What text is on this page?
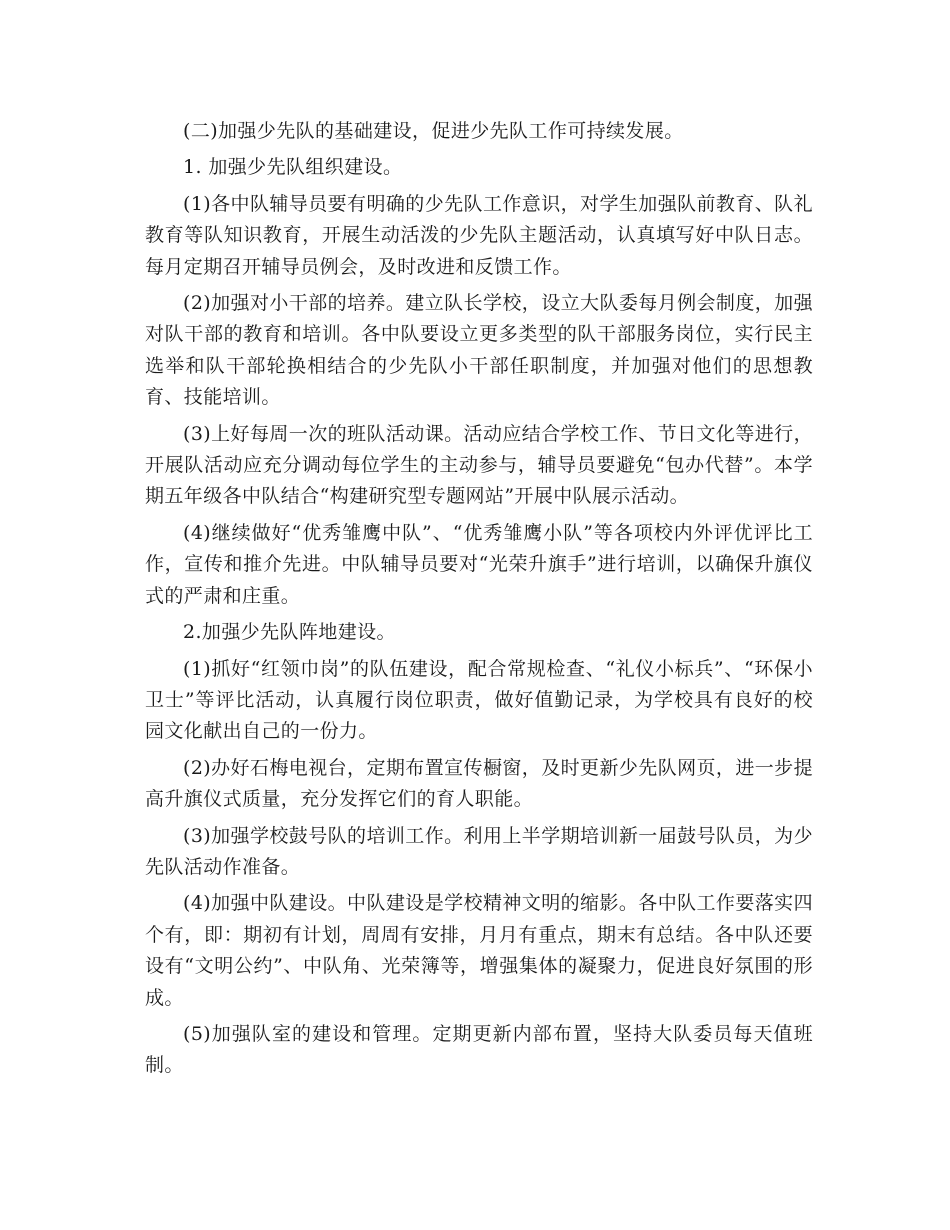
(二)加强少先队的基础建设，促进少先队工作可持续发展。

1. 加强少先队组织建设。

(1)各中队辅导员要有明确的少先队工作意识，对学生加强队前教育、队礼教育等队知识教育，开展生动活泼的少先队主题活动，认真填写好中队日志。每月定期召开辅导员例会，及时改进和反馈工作。

(2)加强对小干部的培养。建立队长学校，设立大队委每月例会制度，加强对队干部的教育和培训。各中队要设立更多类型的队干部服务岗位，实行民主选举和队干部轮换相结合的少先队小干部任职制度，并加强对他们的思想教育、技能培训。

(3)上好每周一次的班队活动课。活动应结合学校工作、节日文化等进行，开展队活动应充分调动每位学生的主动参与，辅导员要避免“包办代替”。本学期五年级各中队结合“构建研究型专题网站”开展中队展示活动。

(4)继续做好“优秀雏鹰中队”、“优秀雏鹰小队”等各项校内外评优评比工作，宣传和推介先进。中队辅导员要对“光荣升旗手”进行培训，以确保升旗仪式的严肃和庄重。

2.加强少先队阵地建设。

(1)抓好“红领巾岗”的队伍建设，配合常规检查、“礼仪小标兵”、“环保小卫士”等评比活动，认真履行岗位职责，做好值勤记录，为学校具有良好的校园文化献出自己的一份力。

(2)办好石梅电视台，定期布置宣传橱窗，及时更新少先队网页，进一步提高升旗仪式质量，充分发挥它们的育人职能。

(3)加强学校鼓号队的培训工作。利用上半学期培训新一届鼓号队员，为少先队活动作准备。

(4)加强中队建设。中队建设是学校精神文明的缩影。各中队工作要落实四个有，即：期初有计划，周周有安排，月月有重点，期末有总结。各中队还要设有“文明公约”、中队角、光荣簿等，增强集体的凝聚力，促进良好氛围的形成。

(5)加强队室的建设和管理。定期更新内部布置，坚持大队委员每天值班制。
